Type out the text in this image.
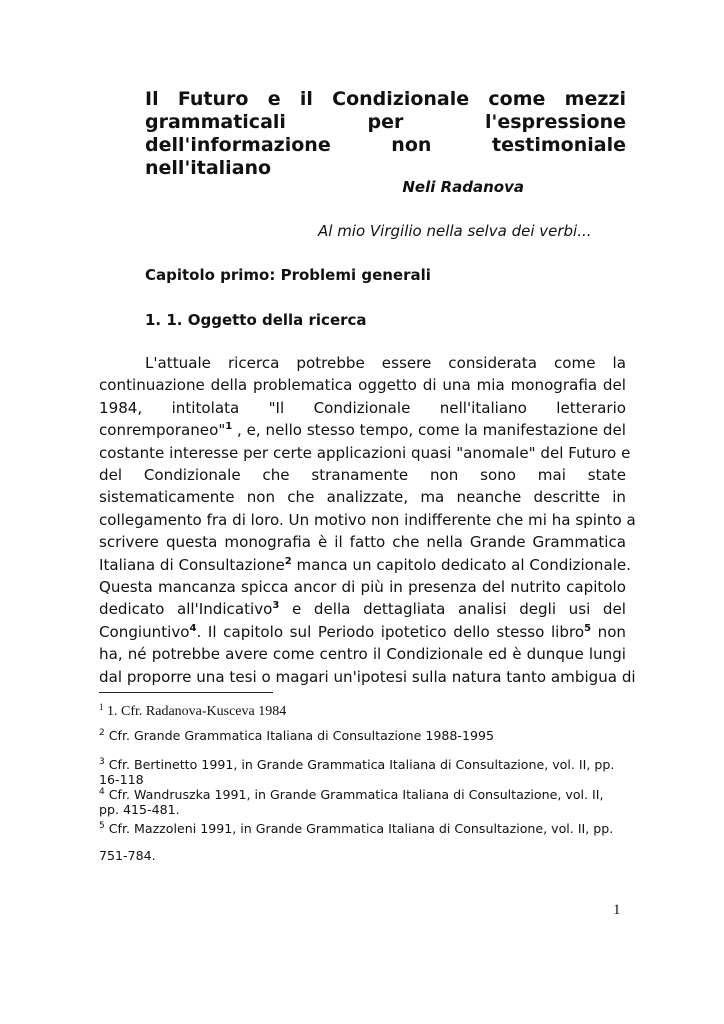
Il Futuro e il Condizionale come mezzi grammaticali per l'espressione dell'informazione non testimoniale nell'italiano

Neli Radanova

Al mio Virgilio nella selva dei verbi...

Capitolo primo: Problemi generali
1. 1. Oggetto della ricerca
L'attuale ricerca potrebbe essere considerata come la
continuazione della problematica oggetto di una mia monografia del
1984, intitolata "Il Condizionale nell'italiano letterario
conremporaneo"$^1$ , e, nello stesso tempo, come la manifestazione del
costante interesse per certe applicazioni quasi "anomale" del Futuro e
del Condizionale che stranamente non sono mai state
sistematicamente non che analizzate, ma neanche descritte in
collegamento fra di loro. Un motivo non indifferente che mi ha spinto a
scrivere questa monografia è il fatto che nella Grande Grammatica
Italiana di Consultazione$^2$ manca un capitolo dedicato al Condizionale.
Questa mancanza spicca ancor di più in presenza del nutrito capitolo
dedicato all'Indicativo$^3$ e della dettagliata analisi degli usi del
Congiuntivo$^4$. Il capitolo sul Periodo ipotetico dello stesso libro$^5$ non
ha, né potrebbe avere come centro il Condizionale ed è dunque lungi
dal proporre una tesi o magari un'ipotesi sulla natura tanto ambigua di

$^1$ 1. Cfr. Radanova-Kusceva 1984

$^2$ Cfr. Grande Grammatica Italiana di Consultazione 1988-1995

$^3$ Cfr. Bertinetto 1991, in Grande Grammatica Italiana di Consultazione, vol. II, pp. 16-118

$^4$ Cfr. Wandruszka 1991, in Grande Grammatica Italiana di Consultazione, vol. II, pp. 415-481.

$^5$ Cfr. Mazzoleni 1991, in Grande Grammatica Italiana di Consultazione, vol. II, pp.

751-784.

1
